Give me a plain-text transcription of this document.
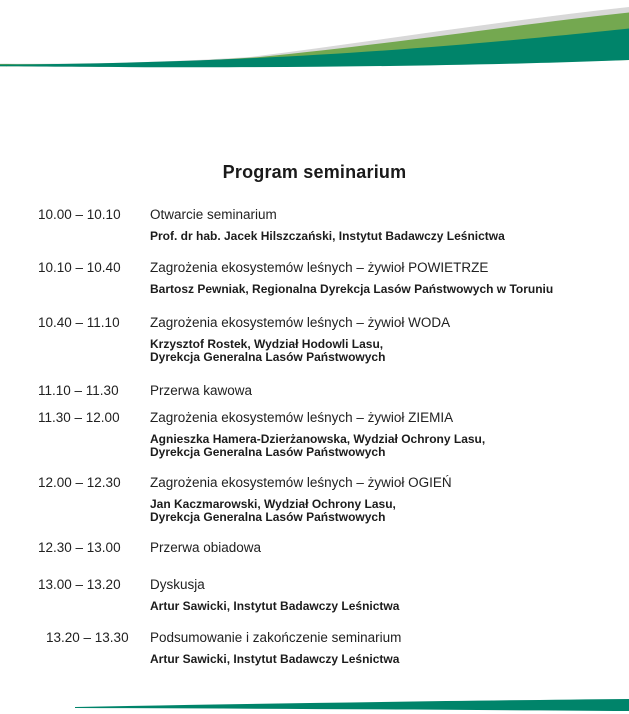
Program seminarium
10.00 – 10.10 Otwarcie seminarium
Prof. dr hab. Jacek Hilszczański, Instytut Badawczy Leśnictwa
10.10 – 10.40 Zagrożenia ekosystemów leśnych – żywioł POWIETRZE
Bartosz Pewniak, Regionalna Dyrekcja Lasów Państwowych w Toruniu
10.40 – 11.10 Zagrożenia ekosystemów leśnych – żywioł WODA
Krzysztof Rostek, Wydział Hodowli Lasu,
Dyrekcja Generalna Lasów Państwowych
11.10 – 11.30 Przerwa kawowa
11.30 – 12.00 Zagrożenia ekosystemów leśnych – żywioł ZIEMIA
Agnieszka Hamera-Dzierżanowska, Wydział Ochrony Lasu,
Dyrekcja Generalna Lasów Państwowych
12.00 – 12.30 Zagrożenia ekosystemów leśnych – żywioł OGIEŃ
Jan Kaczmarowski, Wydział Ochrony Lasu,
Dyrekcja Generalna Lasów Państwowych
12.30 – 13.00 Przerwa obiadowa
13.00 – 13.20 Dyskusja
Artur Sawicki, Instytut Badawczy Leśnictwa
13.20 – 13.30 Podsumowanie i zakończenie seminarium
Artur Sawicki, Instytut Badawczy Leśnictwa
